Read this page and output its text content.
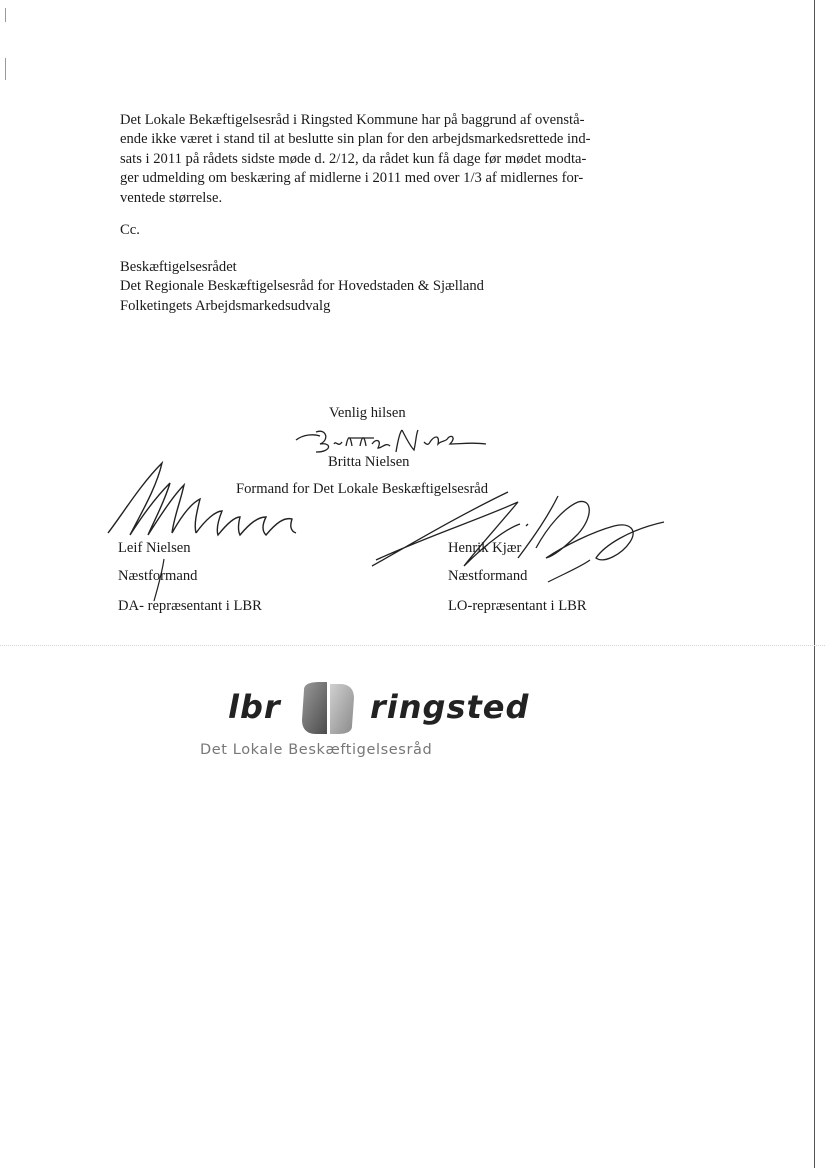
Det Lokale Bekæftigelsesråd i Ringsted Kommune har på baggrund af ovenstå-
ende ikke været i stand til at beslutte sin plan for den arbejdsmarkedsrettede ind-
sats i 2011 på rådets sidste møde d. 2/12, da rådet kun få dage før mødet modta-
ger udmelding om beskæring af midlerne i 2011 med over 1/3 af midlernes for-
ventede størrelse.

Cc.

Beskæftigelsesrådet
Det Regionale Beskæftigelsesråd for Hovedstaden & Sjælland
Folketingets Arbejdsmarkedsudvalg

Venlig hilsen

Britta Nielsen

Formand for Det Lokale Beskæftigelsesråd

Leif Nielsen

Næstformand

DA- repræsentant i LBR

Henrik Kjær

Næstformand

LO-repræsentant i LBR

lbr	ringsted
Det Lokale Beskæftigelsesråd
